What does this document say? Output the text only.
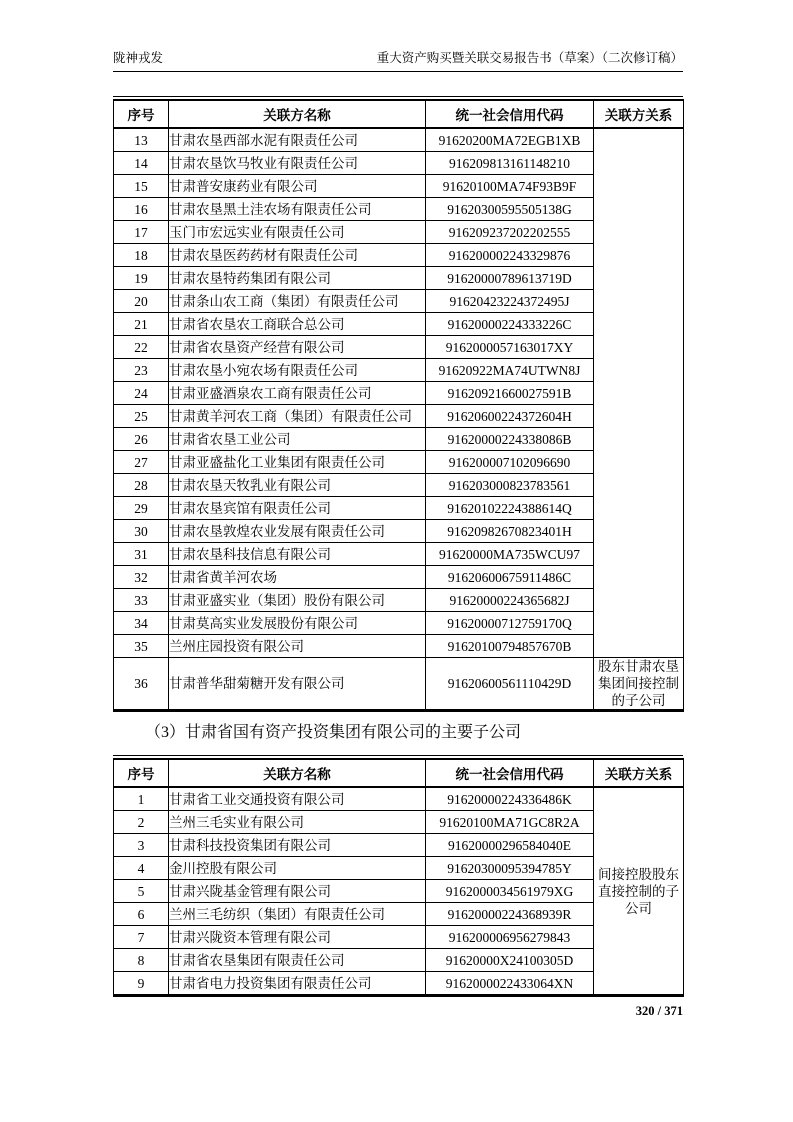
陇神戎发	重大资产购买暨关联交易报告书（草案）（二次修订稿）
序号	关联方名称	统一社会信用代码	关联方关系
13	甘肃农垦西部水泥有限责任公司	91620200MA72EGB1XB	
14	甘肃农垦饮马牧业有限责任公司	916209813161148210	
15	甘肃普安康药业有限公司	91620100MA74F93B9F	
16	甘肃农垦黑土洼农场有限责任公司	91620300595505138G	
17	玉门市宏远实业有限责任公司	916209237202202555	
18	甘肃农垦医药药材有限责任公司	916200002243329876	
19	甘肃农垦特药集团有限公司	91620000789613719D	
20	甘肃条山农工商（集团）有限责任公司	91620423224372495J	
21	甘肃省农垦农工商联合总公司	91620000224333226C	
22	甘肃省农垦资产经营有限公司	9162000057163017XY	
23	甘肃农垦小宛农场有限责任公司	91620922MA74UTWN8J	
24	甘肃亚盛酒泉农工商有限责任公司	91620921660027591B	
25	甘肃黄羊河农工商（集团）有限责任公司	91620600224372604H	
26	甘肃省农垦工业公司	91620000224338086B	
27	甘肃亚盛盐化工业集团有限责任公司	916200007102096690	
28	甘肃农垦天牧乳业有限公司	916203000823783561	
29	甘肃农垦宾馆有限责任公司	91620102224388614Q	
30	甘肃农垦敦煌农业发展有限责任公司	91620982670823401H	
31	甘肃农垦科技信息有限公司	91620000MA735WCU97	
32	甘肃省黄羊河农场	91620600675911486C	
33	甘肃亚盛实业（集团）股份有限公司	91620000224365682J	
34	甘肃莫高实业发展股份有限公司	91620000712759170Q	
35	兰州庄园投资有限公司	91620100794857670B	
36	甘肃普华甜菊糖开发有限公司	91620600561110429D	股东甘肃农垦集团间接控制的子公司
（3）甘肃省国有资产投资集团有限公司的主要子公司
序号	关联方名称	统一社会信用代码	关联方关系
1	甘肃省工业交通投资有限公司	91620000224336486K	间接控股股东直接控制的子公司
2	兰州三毛实业有限公司	91620100MA71GC8R2A	
3	甘肃科技投资集团有限公司	91620000296584040E	
4	金川控股有限公司	91620300095394785Y	
5	甘肃兴陇基金管理有限公司	9162000034561979XG	
6	兰州三毛纺织（集团）有限责任公司	91620000224368939R	
7	甘肃兴陇资本管理有限公司	916200006956279843	
8	甘肃省农垦集团有限责任公司	91620000X24100305D	
9	甘肃省电力投资集团有限责任公司	9162000022433064XN	
320 / 371
